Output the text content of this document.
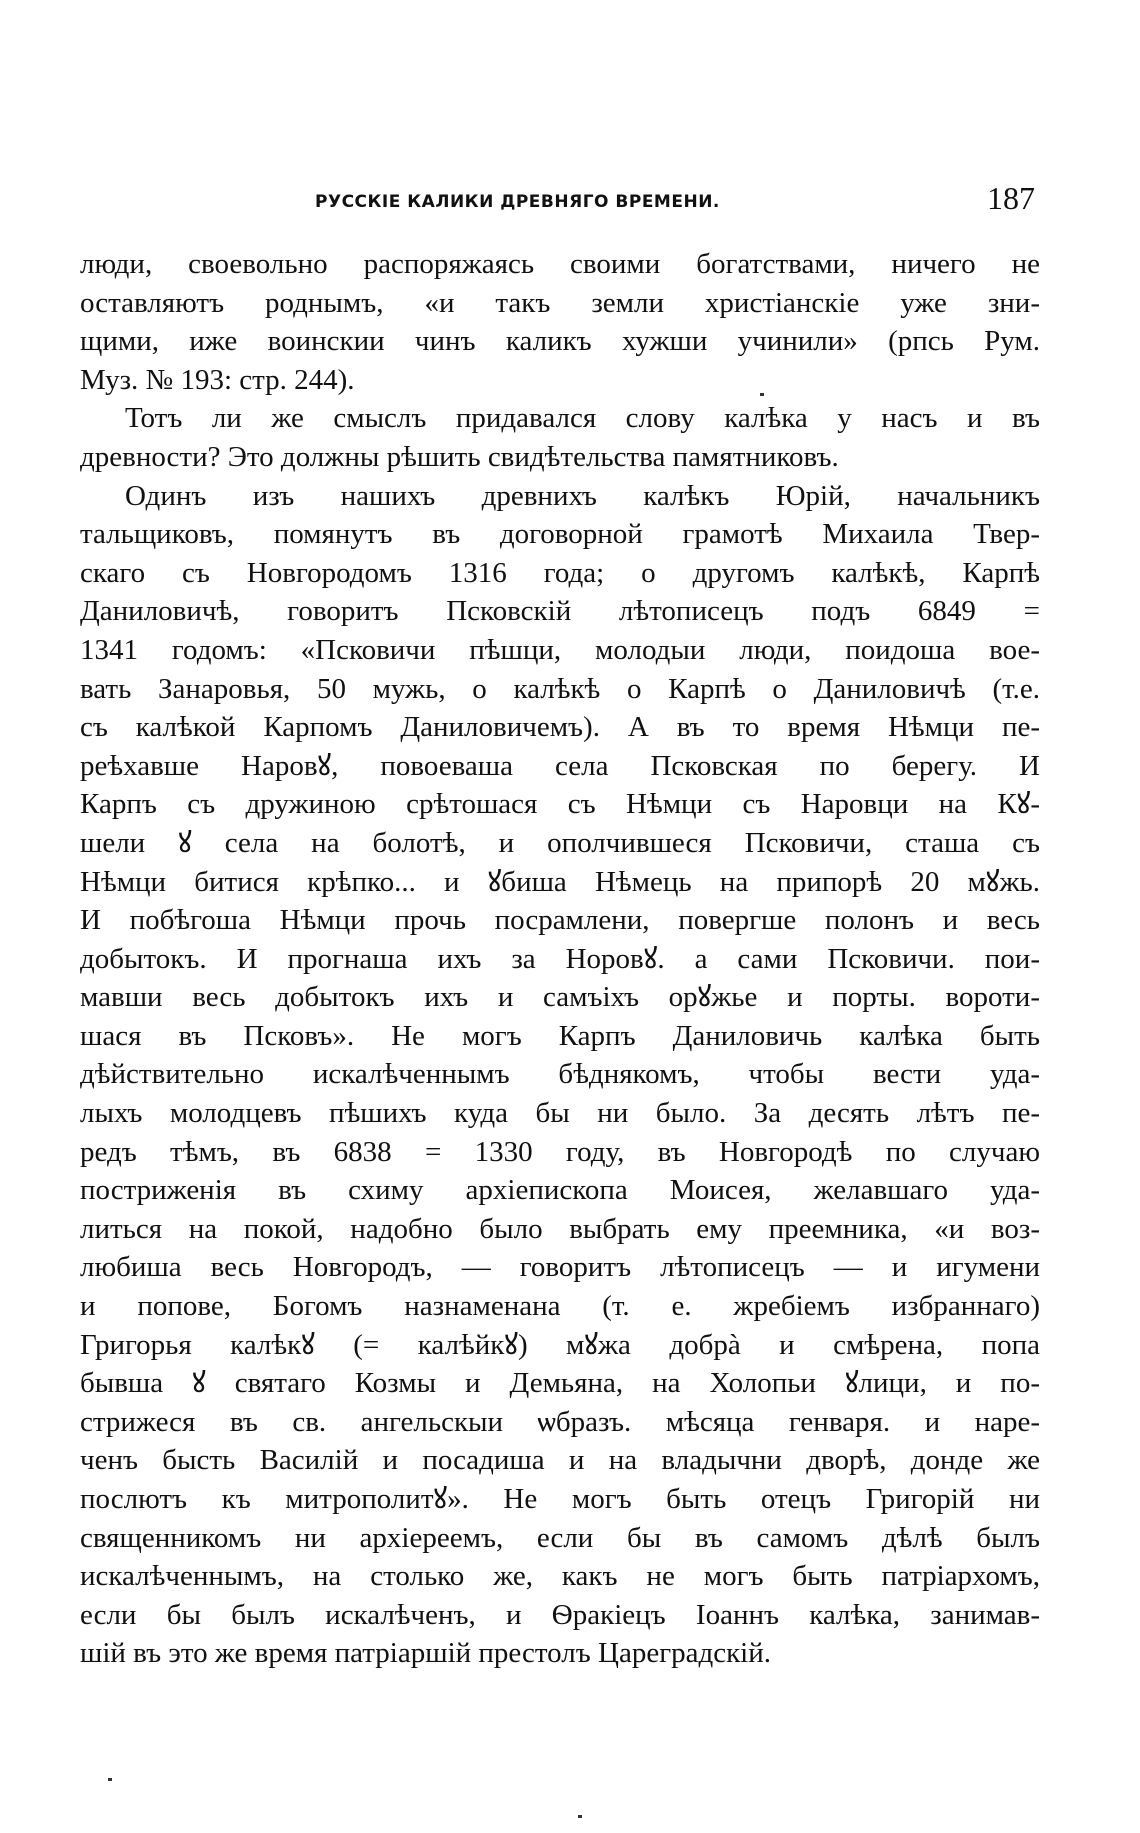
РУССКІЕ КАЛИКИ ДРЕВНЯГО ВРЕМЕНИ.	187
люди, своевольно распоряжаясь своими богатствами, ничего не
оставляютъ роднымъ, «и такъ земли христіанскіе уже зни-
щими, иже воинскии чинъ каликъ хужши учинили» (рпсь Рум.
Муз. № 193: стр. 244).
Тотъ ли же смыслъ придавался слову калѣка у насъ и въ
древности? Это должны рѣшить свидѣтельства памятниковъ.
Одинъ изъ нашихъ древнихъ калѣкъ Юрій, начальникъ
тальщиковъ, помянутъ въ договорной грамотѣ Михаила Твер-
скаго съ Новгородомъ 1316 года; о другомъ калѣкѣ, Карпѣ
Даниловичѣ, говоритъ Псковскій лѣтописецъ подъ 6849 =
1341 годомъ: «Псковичи пѣшци, молодыи люди, поидоша вое-
вать Занаровья, 50 мужь, о калѣкѣ о Карпѣ о Даниловичѣ (т.е.
съ калѣкой Карпомъ Даниловичемъ). А въ то время Нѣмци пе-
реѣхавше Наровꙋ, повоеваша села Псковская по берегу. И
Карпъ съ дружиною срѣтошася съ Нѣмци съ Наровци на Кꙋ-
шели ꙋ села на болотѣ, и ополчившеся Псковичи, сташа съ
Нѣмци битися крѣпко... и ꙋбиша Нѣмець на припорѣ 20 мꙋжь.
И побѣгоша Нѣмци прочь посрамлени, повергше полонъ и весь
добытокъ. И прогнаша ихъ за Норовꙋ. а сами Псковичи. пои-
мавши весь добытокъ ихъ и самъіхъ орꙋжье и порты. вороти-
шася въ Псковъ». Не могъ Карпъ Даниловичь калѣка быть
дѣйствительно искалѣченнымъ бѣднякомъ, чтобы вести уда-
лыхъ молодцевъ пѣшихъ куда бы ни было. За десять лѣтъ пе-
редъ тѣмъ, въ 6838 = 1330 году, въ Новгородѣ по случаю
постриженія въ схиму архіепископа Моисея, желавшаго уда-
литься на покой, надобно было выбрать ему преемника, «и воз-
любиша весь Новгородъ, — говоритъ лѣтописецъ — и игумени
и попове, Богомъ назнаменана (т. е. жребіемъ избраннаго)
Григорья калѣкꙋ (= калѣйкꙋ) мꙋжа добрà и смѣрена, попа
бывша ꙋ святаго Козмы и Демьяна, на Холопьи ꙋлици, и по-
стрижеся въ св. ангельскыи ѡбразъ. мѣсяца генваря. и наре-
ченъ бысть Василій и посадиша и на владычни дворѣ, донде же
послютъ къ митрополитꙋ». Не могъ быть отецъ Григорій ни
священникомъ ни архіереемъ, если бы въ самомъ дѣлѣ былъ
искалѣченнымъ, на столько же, какъ не могъ быть патріархомъ,
если бы былъ искалѣченъ, и Ѳракіецъ Іоаннъ калѣка, занимав-
шій въ это же время патріаршій престолъ Цареградскій.
